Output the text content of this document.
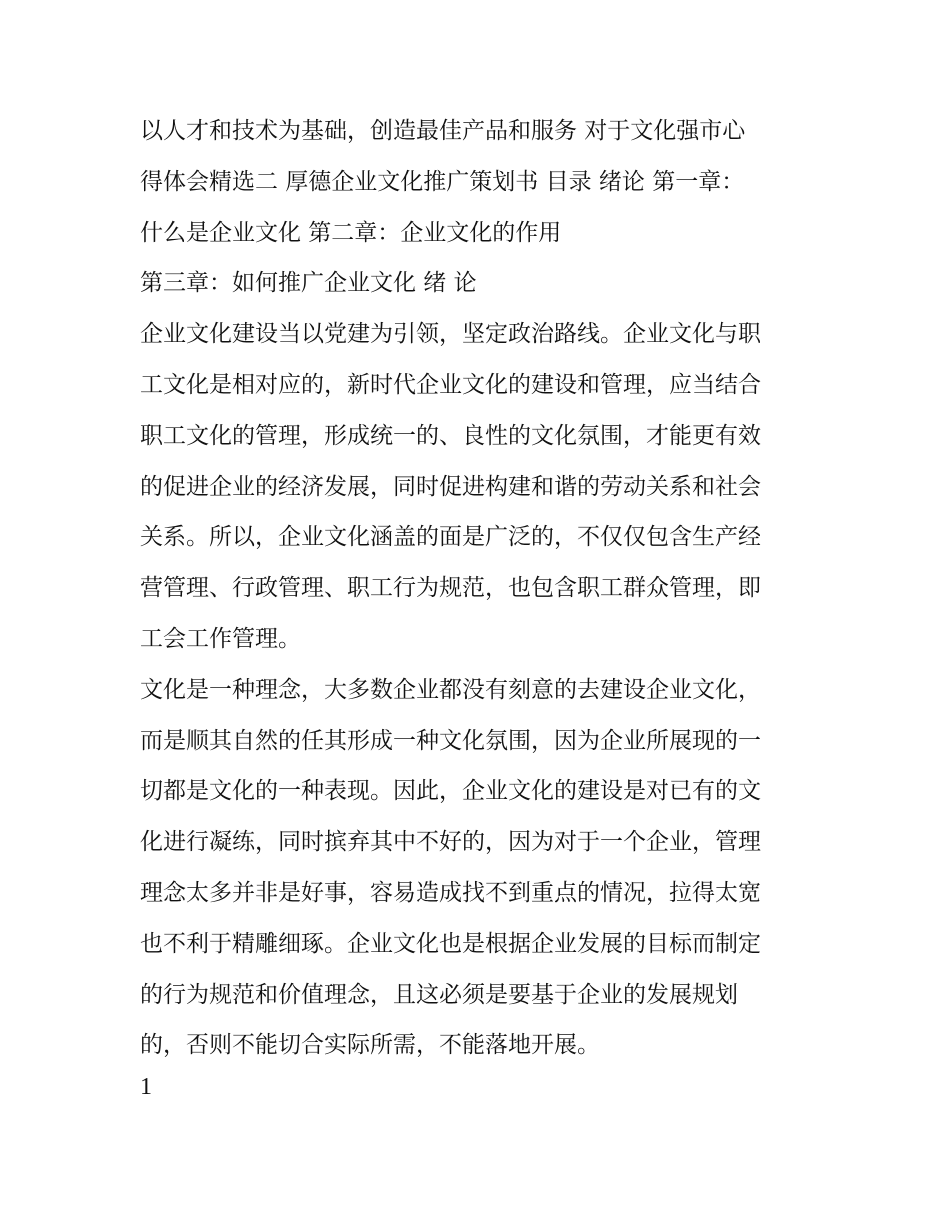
以人才和技术为基础，创造最佳产品和服务 对于文化强市心
得体会精选二 厚德企业文化推广策划书 目录 绪论 第一章：
什么是企业文化 第二章：企业文化的作用
第三章：如何推广企业文化 绪 论
企业文化建设当以党建为引领，坚定政治路线。企业文化与职
工文化是相对应的，新时代企业文化的建设和管理，应当结合
职工文化的管理，形成统一的、良性的文化氛围，才能更有效
的促进企业的经济发展，同时促进构建和谐的劳动关系和社会
关系。所以，企业文化涵盖的面是广泛的，不仅仅包含生产经
营管理、行政管理、职工行为规范，也包含职工群众管理，即
工会工作管理。
文化是一种理念，大多数企业都没有刻意的去建设企业文化，
而是顺其自然的任其形成一种文化氛围，因为企业所展现的一
切都是文化的一种表现。因此，企业文化的建设是对已有的文
化进行凝练，同时摈弃其中不好的，因为对于一个企业，管理
理念太多并非是好事，容易造成找不到重点的情况，拉得太宽
也不利于精雕细琢。企业文化也是根据企业发展的目标而制定
的行为规范和价值理念，且这必须是要基于企业的发展规划
的，否则不能切合实际所需，不能落地开展。
1
